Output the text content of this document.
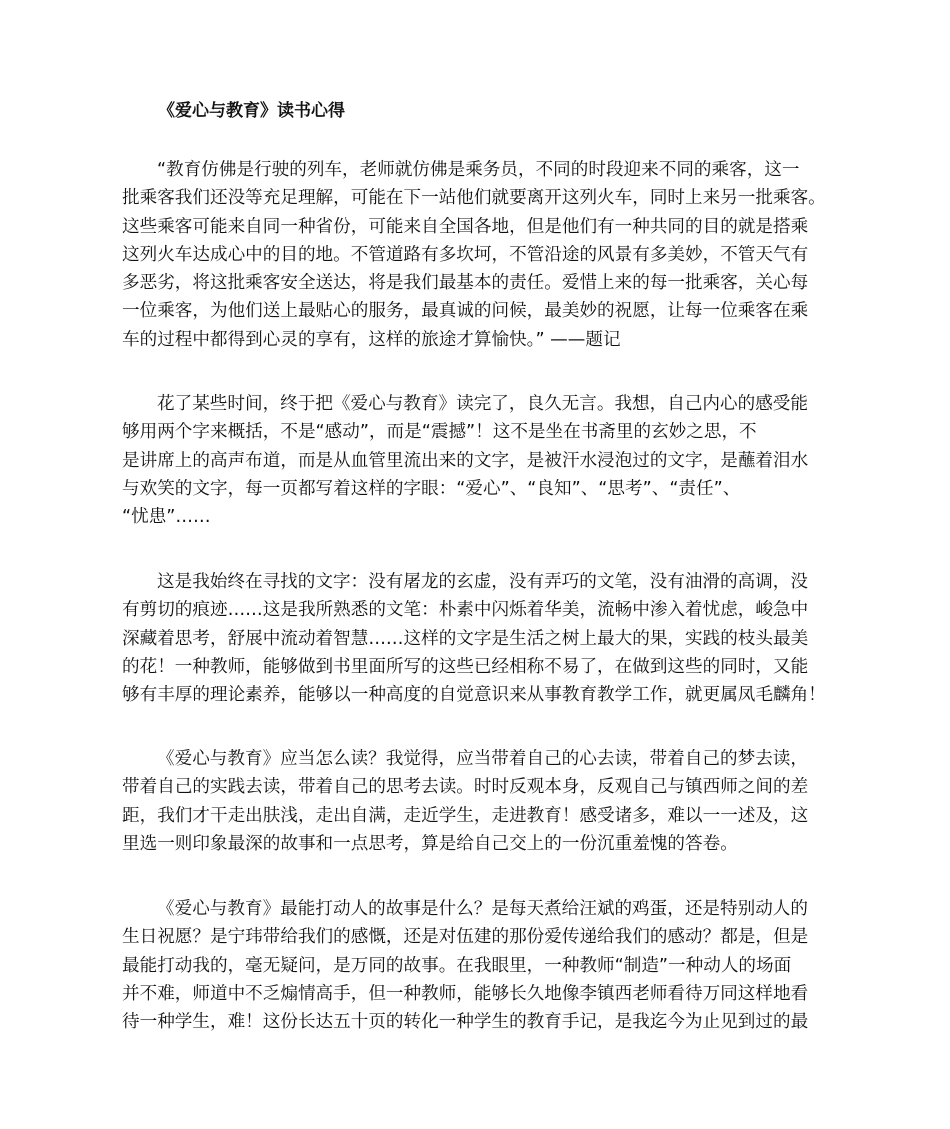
《爱心与教育》读书心得
“教育仿佛是行驶的列车，老师就仿佛是乘务员，不同的时段迎来不同的乘客，这一
批乘客我们还没等充足理解，可能在下一站他们就要离开这列火车，同时上来另一批乘客。
这些乘客可能来自同一种省份，可能来自全国各地，但是他们有一种共同的目的就是搭乘
这列火车达成心中的目的地。不管道路有多坎坷，不管沿途的风景有多美妙，不管天气有
多恶劣，将这批乘客安全送达，将是我们最基本的责任。爱惜上来的每一批乘客，关心每
一位乘客，为他们送上最贴心的服务，最真诚的问候，最美妙的祝愿，让每一位乘客在乘
车的过程中都得到心灵的享有，这样的旅途才算愉快。” ——题记
花了某些时间，终于把《爱心与教育》读完了，良久无言。我想，自己内心的感受能
够用两个字来概括，不是“感动”，而是“震撼”！这不是坐在书斋里的玄妙之思，不
是讲席上的高声布道，而是从血管里流出来的文字，是被汗水浸泡过的文字，是蘸着泪水
与欢笑的文字，每一页都写着这样的字眼：“爱心”、“良知”、“思考”、“责任”、
“忧患”……
这是我始终在寻找的文字：没有屠龙的玄虚，没有弄巧的文笔，没有油滑的高调，没
有剪切的痕迹……这是我所熟悉的文笔：朴素中闪烁着华美，流畅中渗入着忧虑，峻急中
深藏着思考，舒展中流动着智慧……这样的文字是生活之树上最大的果，实践的枝头最美
的花！一种教师，能够做到书里面所写的这些已经相称不易了，在做到这些的同时，又能
够有丰厚的理论素养，能够以一种高度的自觉意识来从事教育教学工作，就更属凤毛麟角！
《爱心与教育》应当怎么读？我觉得，应当带着自己的心去读，带着自己的梦去读，
带着自己的实践去读，带着自己的思考去读。时时反观本身，反观自己与镇西师之间的差
距，我们才干走出肤浅，走出自满，走近学生，走进教育！感受诸多，难以一一述及，这
里选一则印象最深的故事和一点思考，算是给自己交上的一份沉重羞愧的答卷。
《爱心与教育》最能打动人的故事是什么？是每天煮给汪斌的鸡蛋，还是特别动人的
生日祝愿？是宁玮带给我们的感慨，还是对伍建的那份爱传递给我们的感动？都是，但是
最能打动我的，毫无疑问，是万同的故事。在我眼里，一种教师“制造”一种动人的场面
并不难，师道中不乏煽情高手，但一种教师，能够长久地像李镇西老师看待万同这样地看
待一种学生，难！这份长达五十页的转化一种学生的教育手记，是我迄今为止见到过的最
